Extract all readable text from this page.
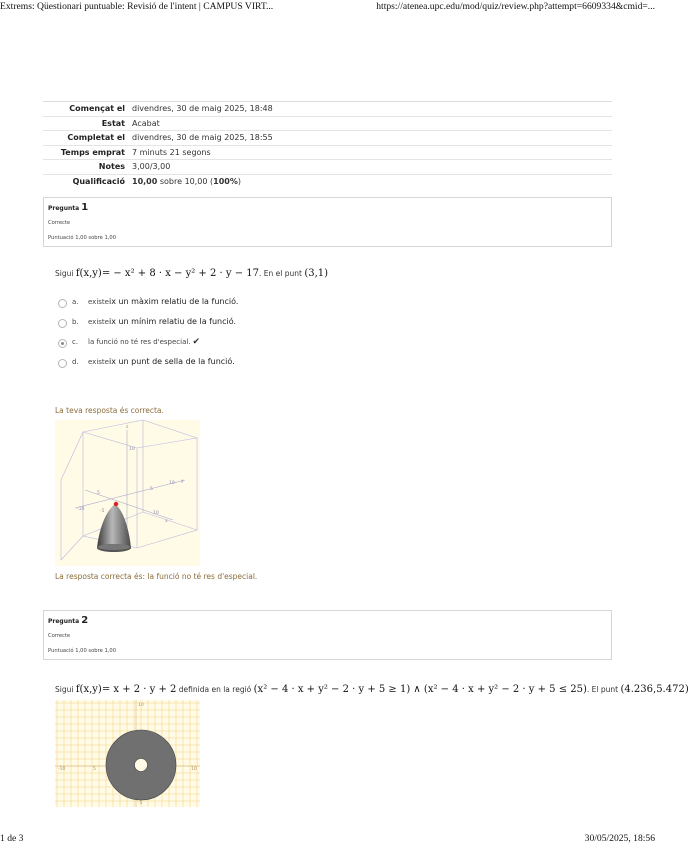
Extrems: Qüestionari puntuable: Revisió de l'intent | CAMPUS VIRT...	https://atenea.upc.edu/mod/quiz/review.php?attempt=6609334&cmid=...
Començat el	divendres, 30 de maig 2025, 18:48
Estat	Acabat
Completat el	divendres, 30 de maig 2025, 18:55
Temps emprat	7 minuts 21 segons
Notes	3,00/3,00
Qualificació	10,00 sobre 10,00 (100%)
Pregunta 1
Correcte
Puntuació 1,00 sobre 1,00
Sigui f(x,y)= − x² + 8 · x − y² + 2 · y − 17. En el punt (3,1)
a. existeix un màxim relatiu de la funció.
b. existeix un mínim relatiu de la funció.
c. la funció no té res d'especial. ✔
d. existeix un punt de sella de la funció.
La teva resposta és correcta.
z
10
10 y
5
5
-5
x
10
-10
La resposta correcta és: la funció no té res d'especial.
Pregunta 2
Correcte
Puntuació 1,00 sobre 1,00
Sigui f(x,y)= x + 2 · y + 2 definida en la regió (x² − 4 · x + y² − 2 · y + 5 ≥ 1) ∧ (x² − 4 · x + y² − 2 · y + 5 ≤ 25). El punt (4.236,5.472)
10
-10	5	10
-5
1 de 3	30/05/2025, 18:56
